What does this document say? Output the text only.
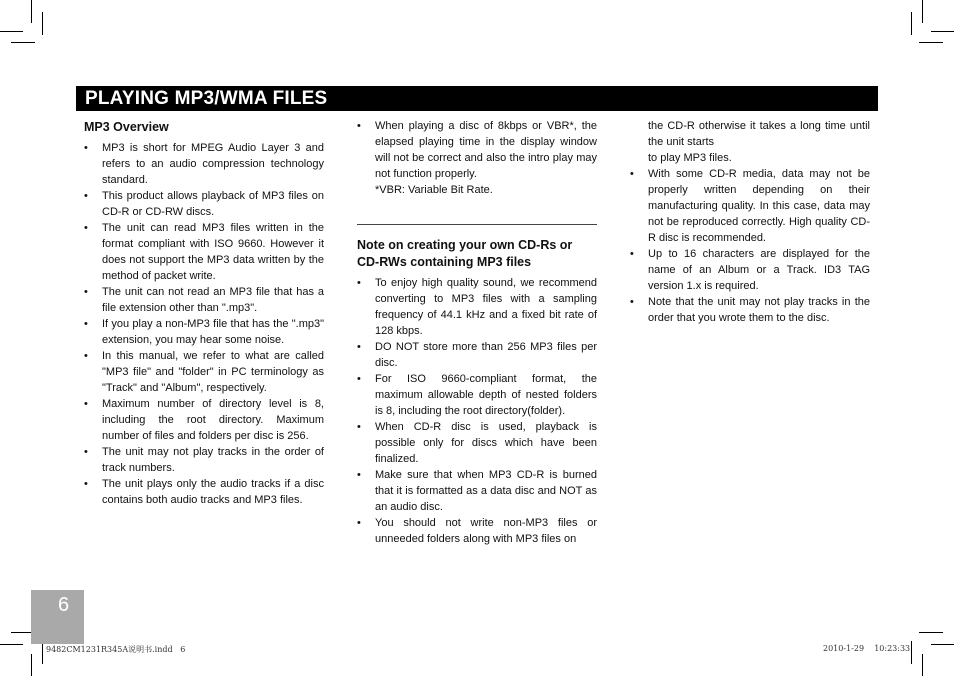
PLAYING MP3/WMA FILES
MP3 Overview
• MP3 is short for MPEG Audio Layer 3 and refers to an audio compression technology standard.
• This product allows playback of MP3 files on CD-R or CD-RW discs.
• The unit can read MP3 files written in the format compliant with ISO 9660. However it does not support the MP3 data written by the method of packet write.
• The unit can not read an MP3 file that has a file extension other than ".mp3".
• If you play a non-MP3 file that has the ".mp3" extension, you may hear some noise.
• In this manual, we refer to what are called "MP3 file" and "folder" in PC terminology as "Track" and "Album", respectively.
• Maximum number of directory level is 8, including the root directory. Maximum number of files and folders per disc is 256.
• The unit may not play tracks in the order of track numbers.
• The unit plays only the audio tracks if a disc contains both audio tracks and MP3 files.
• When playing a disc of 8kbps or VBR*, the elapsed playing time in the display window will not be correct and also the intro play may not function properly.
*VBR: Variable Bit Rate.
Note on creating your own CD-Rs or CD-RWs containing MP3 files
• To enjoy high quality sound, we recommend converting to MP3 files with a sampling frequency of 44.1 kHz and a fixed bit rate of 128 kbps.
• DO NOT store more than 256 MP3 files per disc.
• For ISO 9660-compliant format, the maximum allowable depth of nested folders is 8, including the root directory(folder).
• When CD-R disc is used, playback is possible only for discs which have been finalized.
• Make sure that when MP3 CD-R is burned that it is formatted as a data disc and NOT as an audio disc.
• You should not write non-MP3 files or unneeded folders along with MP3 files on
the CD-R otherwise it takes a long time until the unit starts
to play MP3 files.
• With some CD-R media, data may not be properly written depending on their manufacturing quality. In this case, data may not be reproduced correctly. High quality CD-R disc is recommended.
• Up to 16 characters are displayed for the name of an Album or a Track. ID3 TAG version 1.x is required.
• Note that the unit may not play tracks in the order that you wrote them to the disc.

6

9482CM1231R345A说明书.indd   6	2010-1-29    10:23:33
